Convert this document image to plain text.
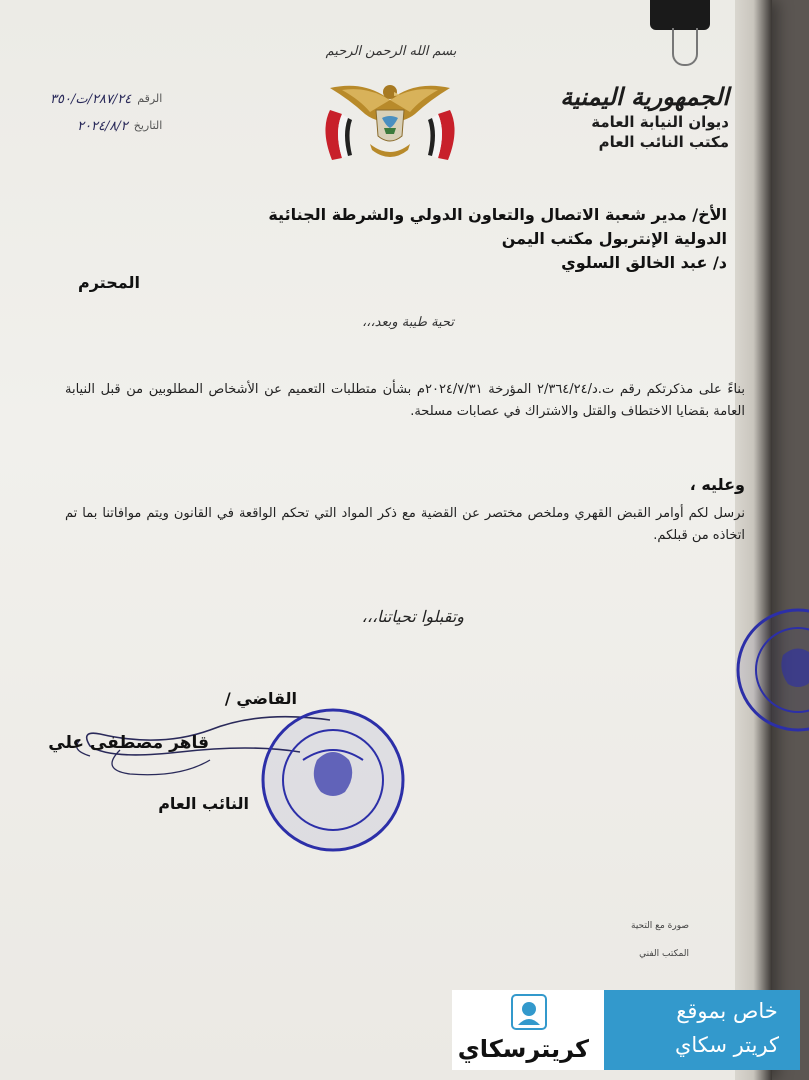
الجمهورية اليمنية
ديوان النيابة العامة
مكتب النائب العام
بسم الله الرحمن الرحيم
الرقم
٢٨٧/٢٤/ت/٣٥٠
التاريخ
٢٠٢٤/٨/٢
الأخ/ مدير شعبة الاتصال والتعاون الدولي والشرطة الجنائية
الدولية الإنتربول مكتب اليمن
د/ عبد الخالق السلوي
المحترم
تحية طيبة وبعد،،،
بناءً على مذكرتكم رقم ت.د/٢/٣٦٤/٢٤ المؤرخة ٢٠٢٤/٧/٣١م بشأن متطلبات التعميم عن الأشخاص المطلوبين من قبل النيابة العامة بقضايا الاختطاف والقتل والاشتراك في عصابات مسلحة.
وعليه ،
نرسل لكم أوامر القبض القهري وملخص مختصر عن القضية مع ذكر المواد التي تحكم الواقعة في القانون ويتم موافاتنا بما تم اتخاذه من قبلكم.
وتقبلوا تحياتنا،،،
القاضي /
قاهر مصطفى علي
النائب العام
صورة مع التحية
المكتب الفني
كريترسكاي
خاص بموقع
كريتر سكاي
